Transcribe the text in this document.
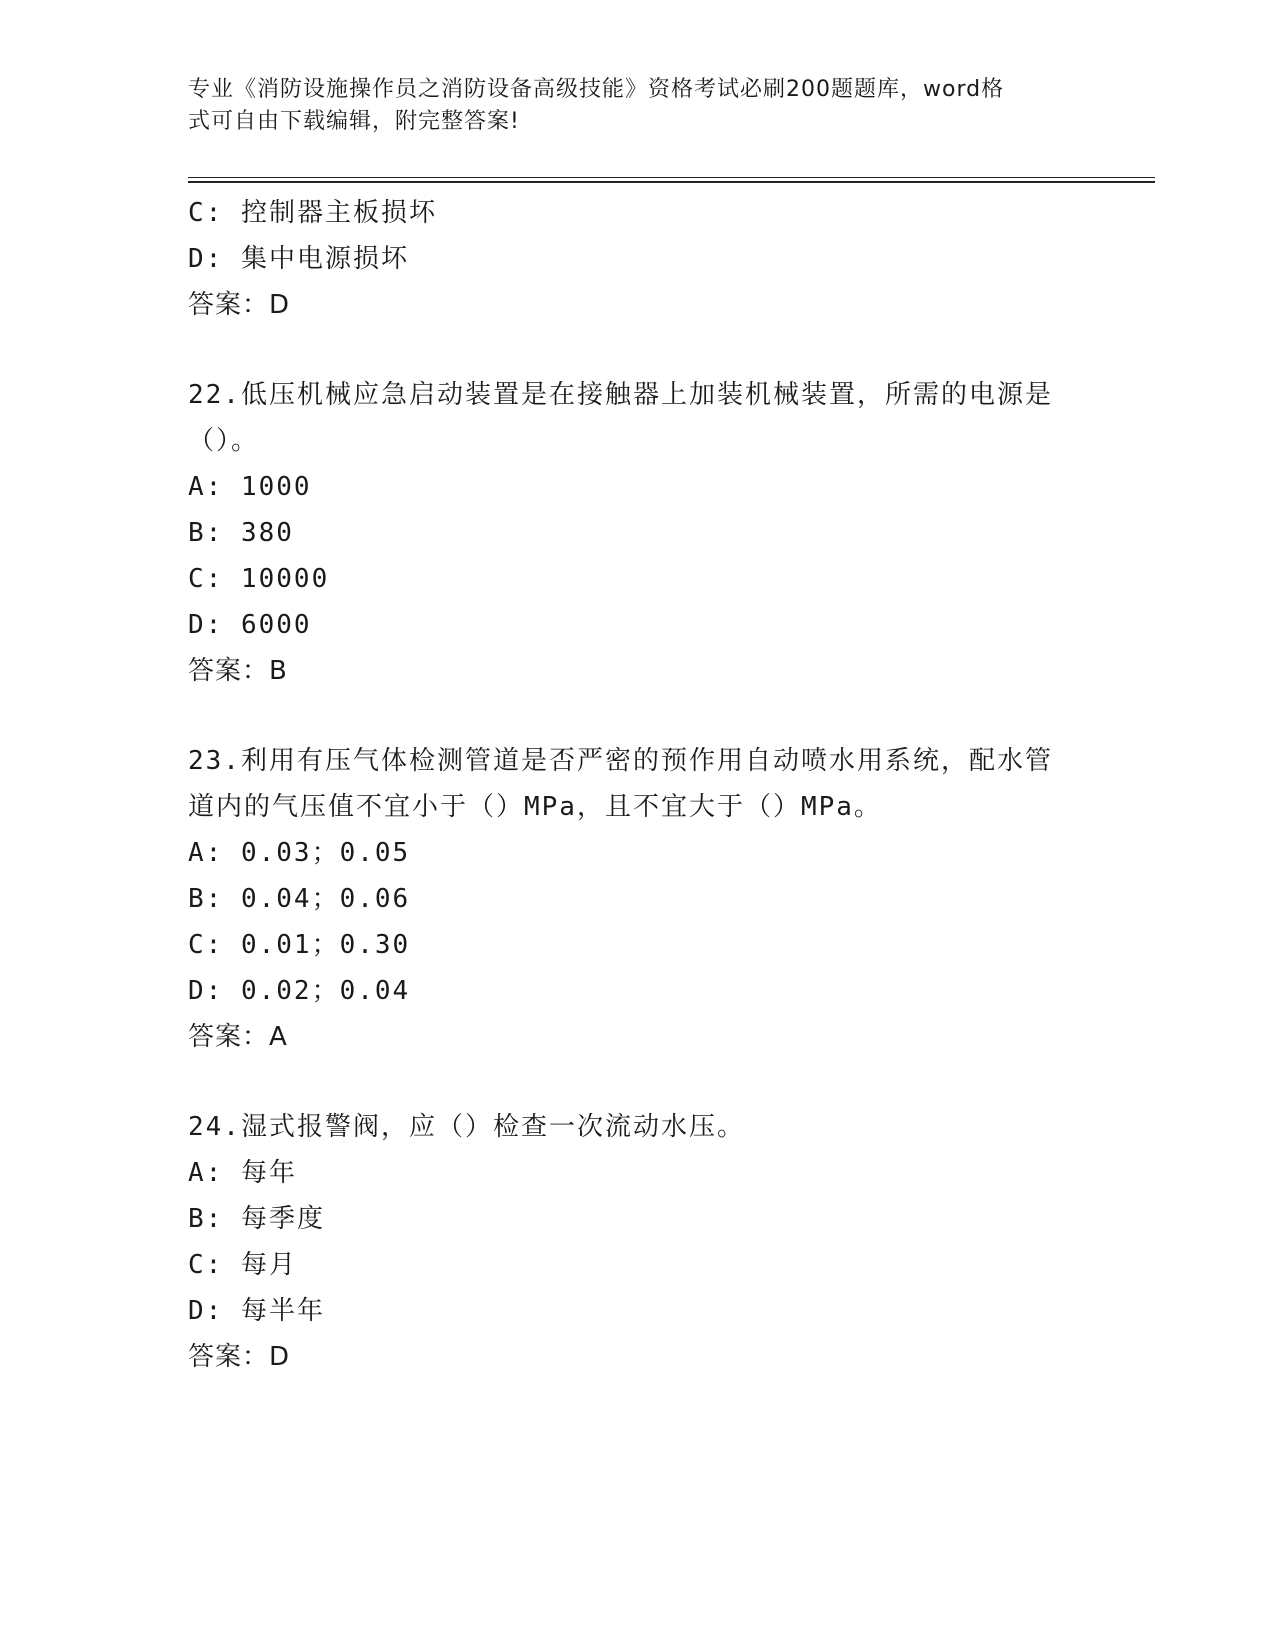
专业《消防设施操作员之消防设备高级技能》资格考试必刷200题题库，word格
式可自由下载编辑，附完整答案!
C: 控制器主板损坏
D: 集中电源损坏
答案：D
22.低压机械应急启动装置是在接触器上加装机械装置，所需的电源是
（）。
A: 1000
B: 380
C: 10000
D: 6000
答案：B
23.利用有压气体检测管道是否严密的预作用自动喷水用系统，配水管
道内的气压值不宜小于（）MPa，且不宜大于（）MPa。
A: 0.03；0.05
B: 0.04；0.06
C: 0.01；0.30
D: 0.02；0.04
答案：A
24.湿式报警阀，应（）检查一次流动水压。
A: 每年
B: 每季度
C: 每月
D: 每半年
答案：D
